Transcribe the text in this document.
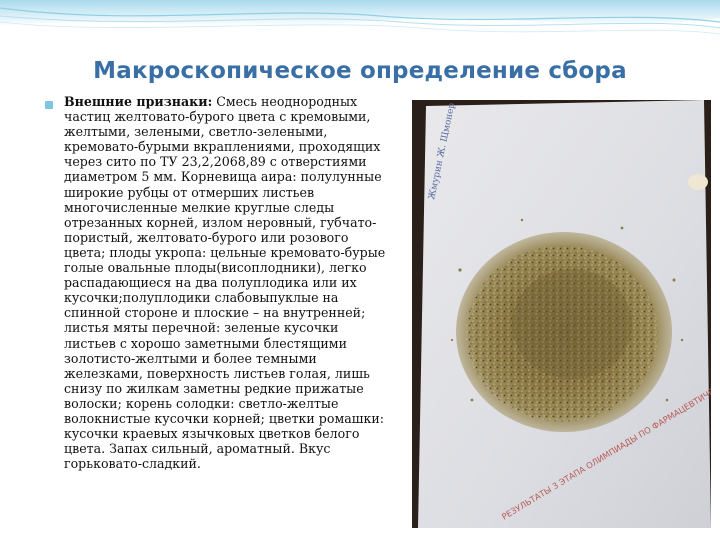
Макроскопическое определение сбора

Внешние признаки: Смесь неоднородных частиц желтовато-бурого цвета с кремовыми, желтыми, зелеными, светло-зелеными, кремовато-бурыми вкраплениями, проходящих через сито по ТУ 23,2,2068,89 с отверстиями диаметром 5 мм. Корневища аира: полулунные широкие рубцы от отмерших листьев многочисленные мелкие круглые следы отрезанных корней, излом неровный, губчато-пористый, желтовато-бурого или розового цвета; плоды укропа: цельные кремовато-бурые голые овальные плоды(висоплодники), легко распадающиеся на два полуплодика или их кусочки;полуплодики слабовыпуклые на спинной стороне и плоские – на внутренней; листья мяты перечной: зеленые кусочки листьев с хорошо заметными блестящими золотисто-желтыми и более темными железками, поверхность листьев голая, лишь снизу по жилкам заметны редкие прижатые волоски; корень солодки: светло-желтые волокнистые кусочки корней; цветки ромашки: кусочки краевых язычковых цветков белого цвета. Запах сильный, ароматный. Вкус горьковато-сладкий.

Жмурин Ж. Щмонер
РЕЗУЛЬТАТЫ 3 ЭТАПА ОЛИМПИАДЫ ПО
